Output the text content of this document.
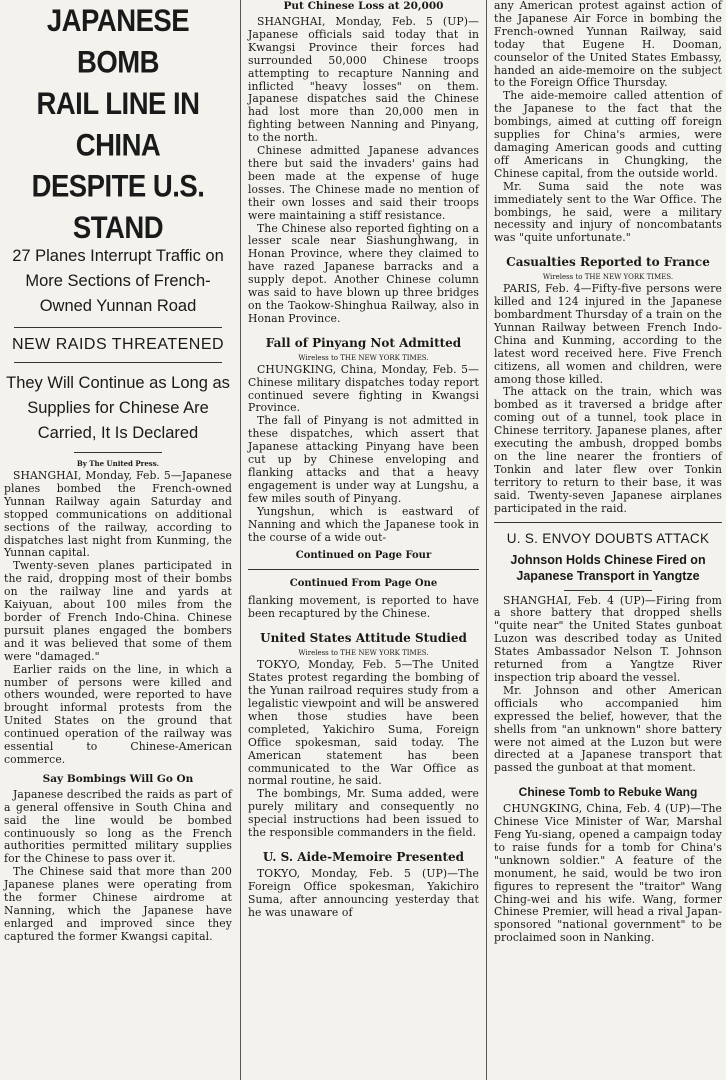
JAPANESE BOMB
RAIL LINE IN CHINA
DESPITE U.S. STAND
27 Planes Interrupt Traffic on
More Sections of French-
Owned Yunnan Road
NEW RAIDS THREATENED
They Will Continue as Long as
Supplies for Chinese Are
Carried, It Is Declared
By The United Press.

SHANGHAI, Monday, Feb. 5—Japanese planes bombed the French-owned Yunnan Railway again Saturday and stopped communications on additional sections of the railway, according to dispatches last night from Kunming, the Yunnan capital.

Twenty-seven planes participated in the raid, dropping most of their bombs on the railway line and yards at Kaiyuan, about 100 miles from the border of French Indo-China. Chinese pursuit planes engaged the bombers and it was believed that some of them were "damaged."

Earlier raids on the line, in which a number of persons were killed and others wounded, were reported to have brought informal protests from the United States on the ground that continued operation of the railway was essential to Chinese-American commerce.

Say Bombings Will Go On

Japanese described the raids as part of a general offensive in South China and said the line would be bombed continuously so long as the French authorities permitted military supplies for the Chinese to pass over it.

The Chinese said that more than 200 Japanese planes were operating from the former Chinese airdrome at Nanning, which the Japanese have enlarged and improved since they captured the former Kwangsi capital.

Put Chinese Loss at 20,000

SHANGHAI, Monday, Feb. 5 (UP)—Japanese officials said today that in Kwangsi Province their forces had surrounded 50,000 Chinese troops attempting to recapture Nanning and inflicted "heavy losses" on them. Japanese dispatches said the Chinese had lost more than 20,000 men in fighting between Nanning and Pinyang, to the north.

Chinese admitted Japanese advances there but said the invaders' gains had been made at the expense of huge losses. The Chinese made no mention of their own losses and said their troops were maintaining a stiff resistance.

The Chinese also reported fighting on a lesser scale near Siashunghwang, in Honan Province, where they claimed to have razed Japanese barracks and a supply depot. Another Chinese column was said to have blown up three bridges on the Taokow-Shinghua Railway, also in Honan Province.

Fall of Pinyang Not Admitted
Wireless to THE NEW YORK TIMES.

CHUNGKING, China, Monday, Feb. 5—Chinese military dispatches today report continued severe fighting in Kwangsi Province.

The fall of Pinyang is not admitted in these dispatches, which assert that Japanese attacking Pinyang have been cut up by Chinese enveloping and flanking attacks and that a heavy engagement is under way at Lungshu, a few miles south of Pinyang.

Yungshun, which is eastward of Nanning and which the Japanese took in the course of a wide out-

Continued on Page Four
Continued From Page One

flanking movement, is reported to have been recaptured by the Chinese.

United States Attitude Studied
Wireless to THE NEW YORK TIMES.

TOKYO, Monday, Feb. 5—The United States protest regarding the bombing of the Yunan railroad requires study from a legalistic viewpoint and will be answered when those studies have been completed, Yakichiro Suma, Foreign Office spokesman, said today. The American statement has been communicated to the War Office as normal routine, he said.

The bombings, Mr. Suma added, were purely military and consequently no special instructions had been issued to the responsible commanders in the field.

U. S. Aide-Memoire Presented

TOKYO, Monday, Feb. 5 (UP)—The Foreign Office spokesman, Yakichiro Suma, after announcing yesterday that he was unaware of

any American protest against action of the Japanese Air Force in bombing the French-owned Yunnan Railway, said today that Eugene H. Dooman, counselor of the United States Embassy, handed an aide-memoire on the subject to the Foreign Office Thursday.

The aide-memoire called attention of the Japanese to the fact that the bombings, aimed at cutting off foreign supplies for China's armies, were damaging American goods and cutting off Americans in Chungking, the Chinese capital, from the outside world.

Mr. Suma said the note was immediately sent to the War Office. The bombings, he said, were a military necessity and injury of noncombatants was "quite unfortunate."

Casualties Reported to France
Wireless to THE NEW YORK TIMES.

PARIS, Feb. 4—Fifty-five persons were killed and 124 injured in the Japanese bombardment Thursday of a train on the Yunnan Railway between French Indo-China and Kunming, according to the latest word received here. Five French citizens, all women and children, were among those killed.

The attack on the train, which was bombed as it traversed a bridge after coming out of a tunnel, took place in Chinese territory. Japanese planes, after executing the ambush, dropped bombs on the line nearer the frontiers of Tonkin and later flew over Tonkin territory to return to their base, it was said. Twenty-seven Japanese airplanes participated in the raid.

U. S. ENVOY DOUBTS ATTACK
Johnson Holds Chinese Fired on
Japanese Transport in Yangtze

SHANGHAI, Feb. 4 (UP)—Firing from a shore battery that dropped shells "quite near" the United States gunboat Luzon was described today as United States Ambassador Nelson T. Johnson returned from a Yangtze River inspection trip aboard the vessel.

Mr. Johnson and other American officials who accompanied him expressed the belief, however, that the shells from "an unknown" shore battery were not aimed at the Luzon but were directed at a Japanese transport that passed the gunboat at that moment.

Chinese Tomb to Rebuke Wang

CHUNGKING, China, Feb. 4 (UP)—The Chinese Vice Minister of War, Marshal Feng Yu-siang, opened a campaign today to raise funds for a tomb for China's "unknown soldier." A feature of the monument, he said, would be two iron figures to represent the "traitor" Wang Ching-wei and his wife. Wang, former Chinese Premier, will head a rival Japan-sponsored "national government" to be proclaimed soon in Nanking.
